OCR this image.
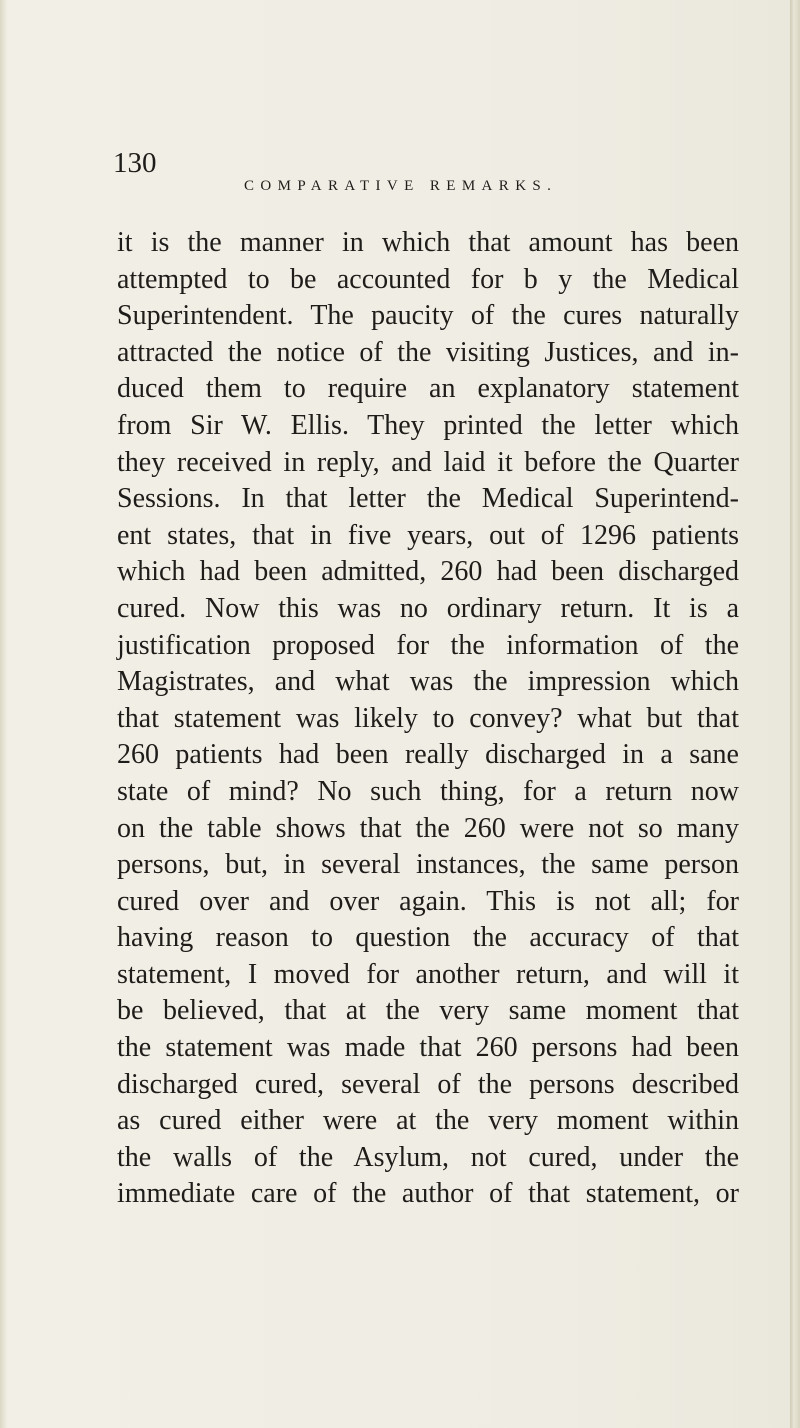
130
COMPARATIVE REMARKS.
it is the manner in which that amount has been
attempted to be accounted for b y the Medical
Superintendent. The paucity of the cures naturally
attracted the notice of the visiting Justices, and in-
duced them to require an explanatory statement
from Sir W. Ellis. They printed the letter which
they received in reply, and laid it before the Quarter
Sessions. In that letter the Medical Superintend-
ent states, that in five years, out of 1296 patients
which had been admitted, 260 had been discharged
cured. Now this was no ordinary return. It is a
justification proposed for the information of the
Magistrates, and what was the impression which
that statement was likely to convey? what but that
260 patients had been really discharged in a sane
state of mind? No such thing, for a return now
on the table shows that the 260 were not so many
persons, but, in several instances, the same person
cured over and over again. This is not all; for
having reason to question the accuracy of that
statement, I moved for another return, and will it
be believed, that at the very same moment that
the statement was made that 260 persons had been
discharged cured, several of the persons described
as cured either were at the very moment within
the walls of the Asylum, not cured, under the
immediate care of the author of that statement, or
